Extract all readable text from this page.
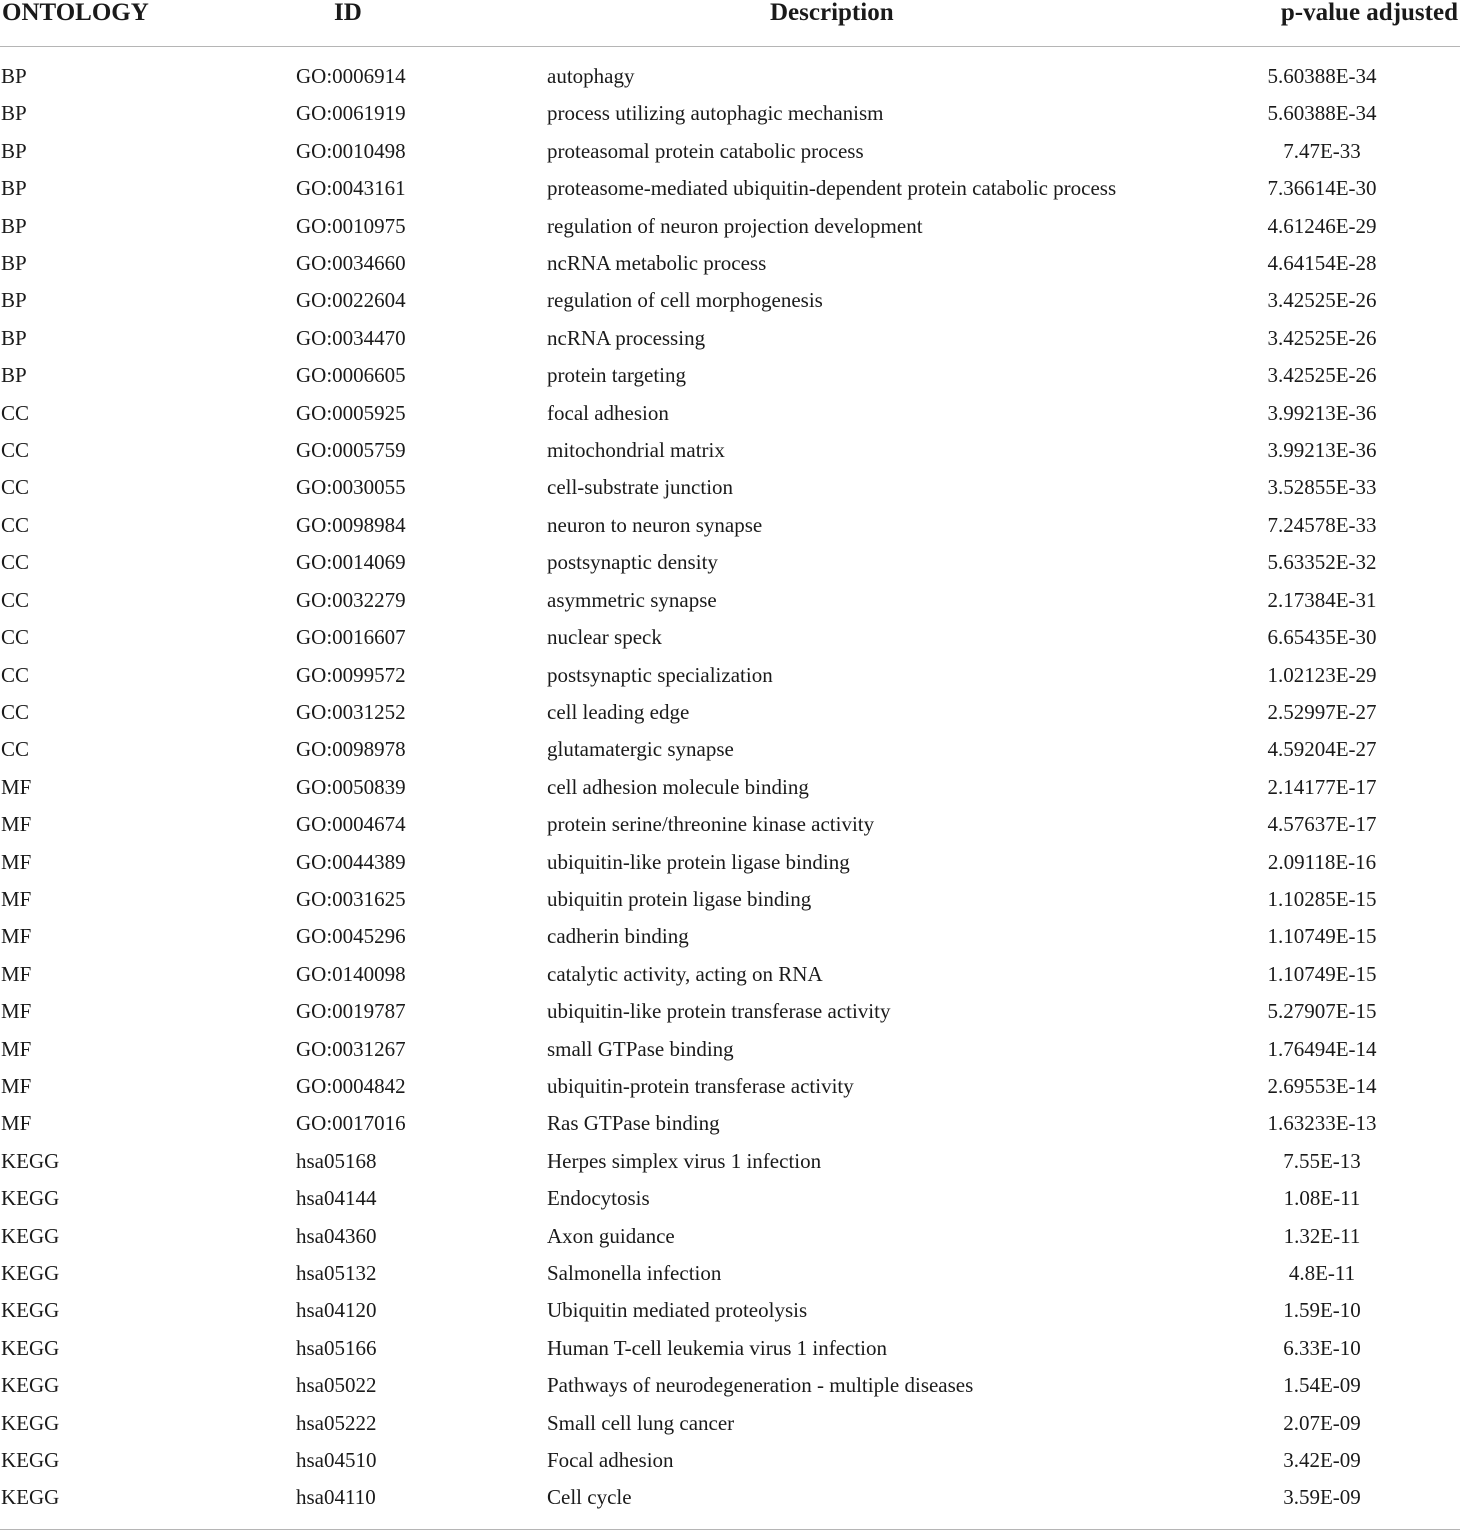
ONTOLOGY	ID	Description	p-value adjusted
BP	GO:0006914	autophagy	5.60388E-34
BP	GO:0061919	process utilizing autophagic mechanism	5.60388E-34
BP	GO:0010498	proteasomal protein catabolic process	7.47E-33
BP	GO:0043161	proteasome-mediated ubiquitin-dependent protein catabolic process	7.36614E-30
BP	GO:0010975	regulation of neuron projection development	4.61246E-29
BP	GO:0034660	ncRNA metabolic process	4.64154E-28
BP	GO:0022604	regulation of cell morphogenesis	3.42525E-26
BP	GO:0034470	ncRNA processing	3.42525E-26
BP	GO:0006605	protein targeting	3.42525E-26
CC	GO:0005925	focal adhesion	3.99213E-36
CC	GO:0005759	mitochondrial matrix	3.99213E-36
CC	GO:0030055	cell-substrate junction	3.52855E-33
CC	GO:0098984	neuron to neuron synapse	7.24578E-33
CC	GO:0014069	postsynaptic density	5.63352E-32
CC	GO:0032279	asymmetric synapse	2.17384E-31
CC	GO:0016607	nuclear speck	6.65435E-30
CC	GO:0099572	postsynaptic specialization	1.02123E-29
CC	GO:0031252	cell leading edge	2.52997E-27
CC	GO:0098978	glutamatergic synapse	4.59204E-27
MF	GO:0050839	cell adhesion molecule binding	2.14177E-17
MF	GO:0004674	protein serine/threonine kinase activity	4.57637E-17
MF	GO:0044389	ubiquitin-like protein ligase binding	2.09118E-16
MF	GO:0031625	ubiquitin protein ligase binding	1.10285E-15
MF	GO:0045296	cadherin binding	1.10749E-15
MF	GO:0140098	catalytic activity, acting on RNA	1.10749E-15
MF	GO:0019787	ubiquitin-like protein transferase activity	5.27907E-15
MF	GO:0031267	small GTPase binding	1.76494E-14
MF	GO:0004842	ubiquitin-protein transferase activity	2.69553E-14
MF	GO:0017016	Ras GTPase binding	1.63233E-13
KEGG	hsa05168	Herpes simplex virus 1 infection	7.55E-13
KEGG	hsa04144	Endocytosis	1.08E-11
KEGG	hsa04360	Axon guidance	1.32E-11
KEGG	hsa05132	Salmonella infection	4.8E-11
KEGG	hsa04120	Ubiquitin mediated proteolysis	1.59E-10
KEGG	hsa05166	Human T-cell leukemia virus 1 infection	6.33E-10
KEGG	hsa05022	Pathways of neurodegeneration - multiple diseases	1.54E-09
KEGG	hsa05222	Small cell lung cancer	2.07E-09
KEGG	hsa04510	Focal adhesion	3.42E-09
KEGG	hsa04110	Cell cycle	3.59E-09
